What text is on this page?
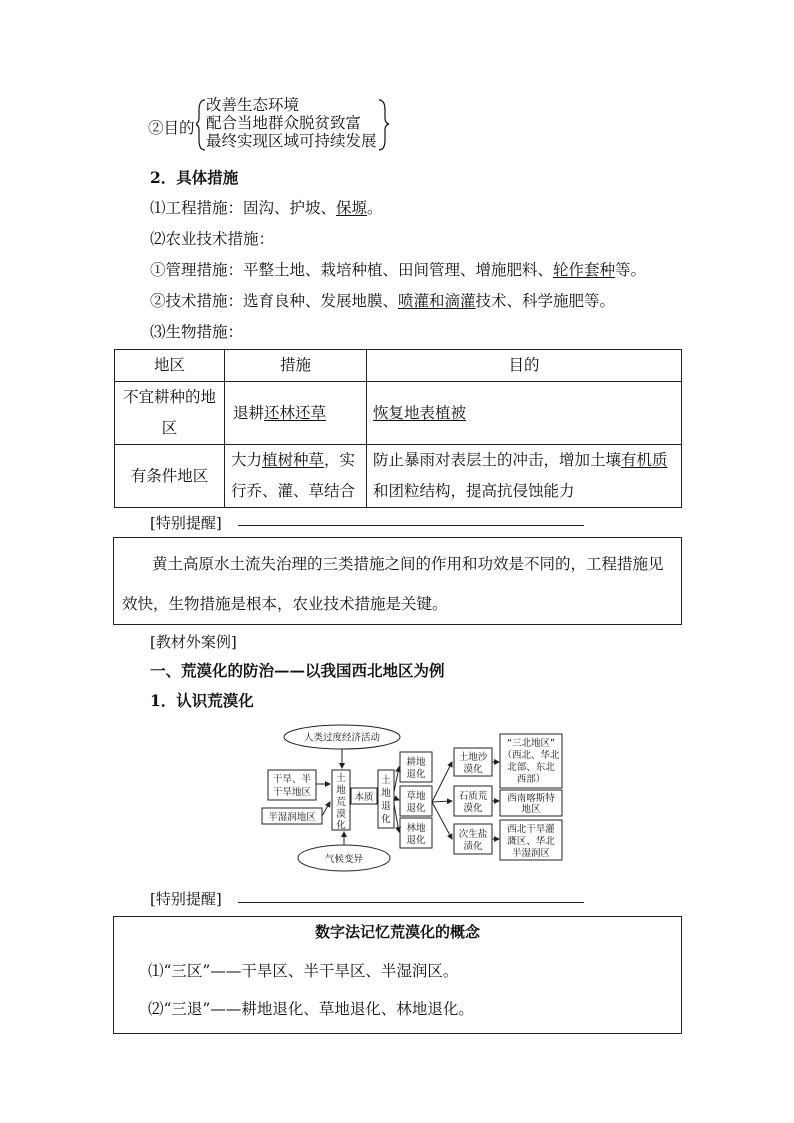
②目的
改善生态环境
配合当地群众脱贫致富
最终实现区域可持续发展
2．具体措施
⑴工程措施：固沟、护坡、保塬。
⑵农业技术措施：
①管理措施：平整土地、栽培种植、田间管理、增施肥料、轮作套种等。
②技术措施：选育良种、发展地膜、喷灌和滴灌技术、科学施肥等。
⑶生物措施：
地区	措施	目的
不宜耕种的地区	退耕还林还草	恢复地表植被
有条件地区	大力植树种草，实行乔、灌、草结合	防止暴雨对表层土的冲击，增加土壤有机质和团粒结构，提高抗侵蚀能力
[特别提醒]
黄土高原水土流失治理的三类措施之间的作用和功效是不同的，工程措施见效快，生物措施是根本，农业技术措施是关键。
[教材外案例]
一、荒漠化的防治——以我国西北地区为例
1．认识荒漠化
人类过度经济活动
气候变异
干旱、半
干旱地区
半湿润地区
土
地
荒
漠
化
本质
土
地
退
化
耕地
退化
草地
退化
林地
退化
土地沙
漠化
石质荒
漠化
次生盐
渍化
“三北地区”
（西北、华北
北部、东北
西部）
西南喀斯特
地区
西北干旱灌
溉区、华北
半湿润区
[特别提醒]
数字法记忆荒漠化的概念
⑴“三区”——干旱区、半干旱区、半湿润区。
⑵“三退”——耕地退化、草地退化、林地退化。
